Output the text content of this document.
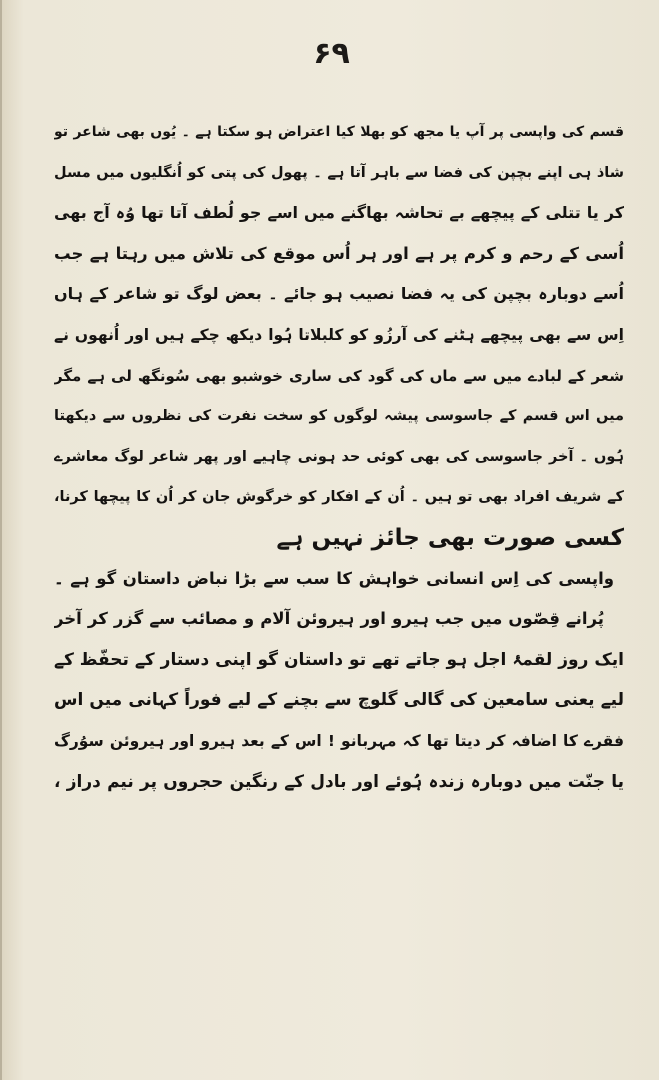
۶۹
قسم کی واپسی پر آپ یا مجھ کو بھلا کیا اعتراض ہو سکتا ہے ۔ یُوں بھی شاعر تو
شاذ ہی اپنے بچپن کی فضا سے باہر آتا ہے ۔ پھول کی پتی کو اُنگلیوں میں مسل
کر یا تتلی کے پیچھے بے تحاشہ بھاگنے میں اسے جو لُطف آتا تھا وُہ آج بھی
اُسی کے رحم و کرم پر ہے اور ہر اُس موقع کی تلاش میں رہتا ہے جب
اُسے دوبارہ بچپن کی یہ فضا نصیب ہو جائے ۔ بعض لوگ تو شاعر کے ہاں
اِس سے بھی پیچھے ہٹنے کی آرزُو کو کلبلاتا ہُوا دیکھ چکے ہیں اور اُنھوں نے
شعر کے لبادے میں سے ماں کی گود کی ساری خوشبو بھی سُونگھ لی ہے مگر
میں اس قسم کے جاسوسی پیشہ لوگوں کو سخت نفرت کی نظروں سے دیکھتا
ہُوں ۔ آخر جاسوسی کی بھی کوئی حد ہونی چاہیے اور پھر شاعر لوگ معاشرے
کے شریف افراد بھی تو ہیں ۔ اُن کے افکار کو خرگوش جان کر اُن کا پیچھا کرنا،
کسی صورت بھی جائز نہیں ہے
واپسی کی اِس انسانی خواہش کا سب سے بڑا نباض داستان گو ہے ۔
پُرانے قِصّوں میں جب ہیرو اور ہیروئن آلام و مصائب سے گزر کر آخر
ایک روز لقمۂ اجل ہو جاتے تھے تو داستان گو اپنی دستار کے تحفّظ کے
لیے یعنی سامعین کی گالی گلوچ سے بچنے کے لیے فوراً کہانی میں اس
فقرے کا اضافہ کر دیتا تھا کہ مہربانو ! اس کے بعد ہیرو اور ہیروئن سوُرگ
یا جنّت میں دوبارہ زندہ ہُوئے اور بادل کے رنگین حجروں پر نیم دراز ،
